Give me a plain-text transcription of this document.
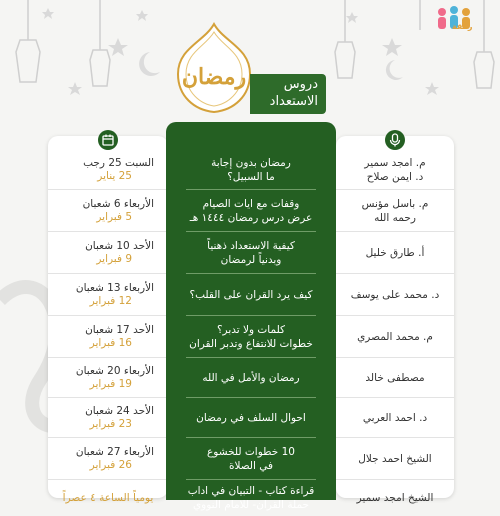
رفقة
رمضان	دروس
الاستعداد
السبت 25 رجب
25 يناير
الأربعاء 6 شعبان
5 فبراير
الأحد 10 شعبان
9 فبراير
الأربعاء 13 شعبان
12 فبراير
الأحد 17 شعبان
16 فبراير
الأربعاء 20 شعبان
19 فبراير
الأحد 24 شعبان
23 فبراير
الأربعاء 27 شعبان
26 فبراير
يومياً الساعة ٤ عصراً
م. امجد سمير
د. ايمن صلاح
م. باسل مؤنس
رحمه الله
أ. طارق خليل
د. محمد على يوسف
م. محمد المصري
مصطفى خالد
د. احمد العربي
الشيخ احمد جلال
الشيخ امجد سمير
رمضان بدون إجابة
ما السبيل؟
وقفات مع ايات الصيام
عرض درس رمضان ١٤٤٤ هـ
كيفية الاستعداد ذهنياً
وبدنياً لرمضان
كيف يرد القران على القلب؟
كلمات ولا تدبر؟
خطوات للانتفاع وتدبر القران
رمضان والأمل في الله
احوال السلف في رمضان
10 خطوات للخشوع
في الصلاة
قراءة كتاب - التبيان في اداب
حملة القران- للامام النووي
